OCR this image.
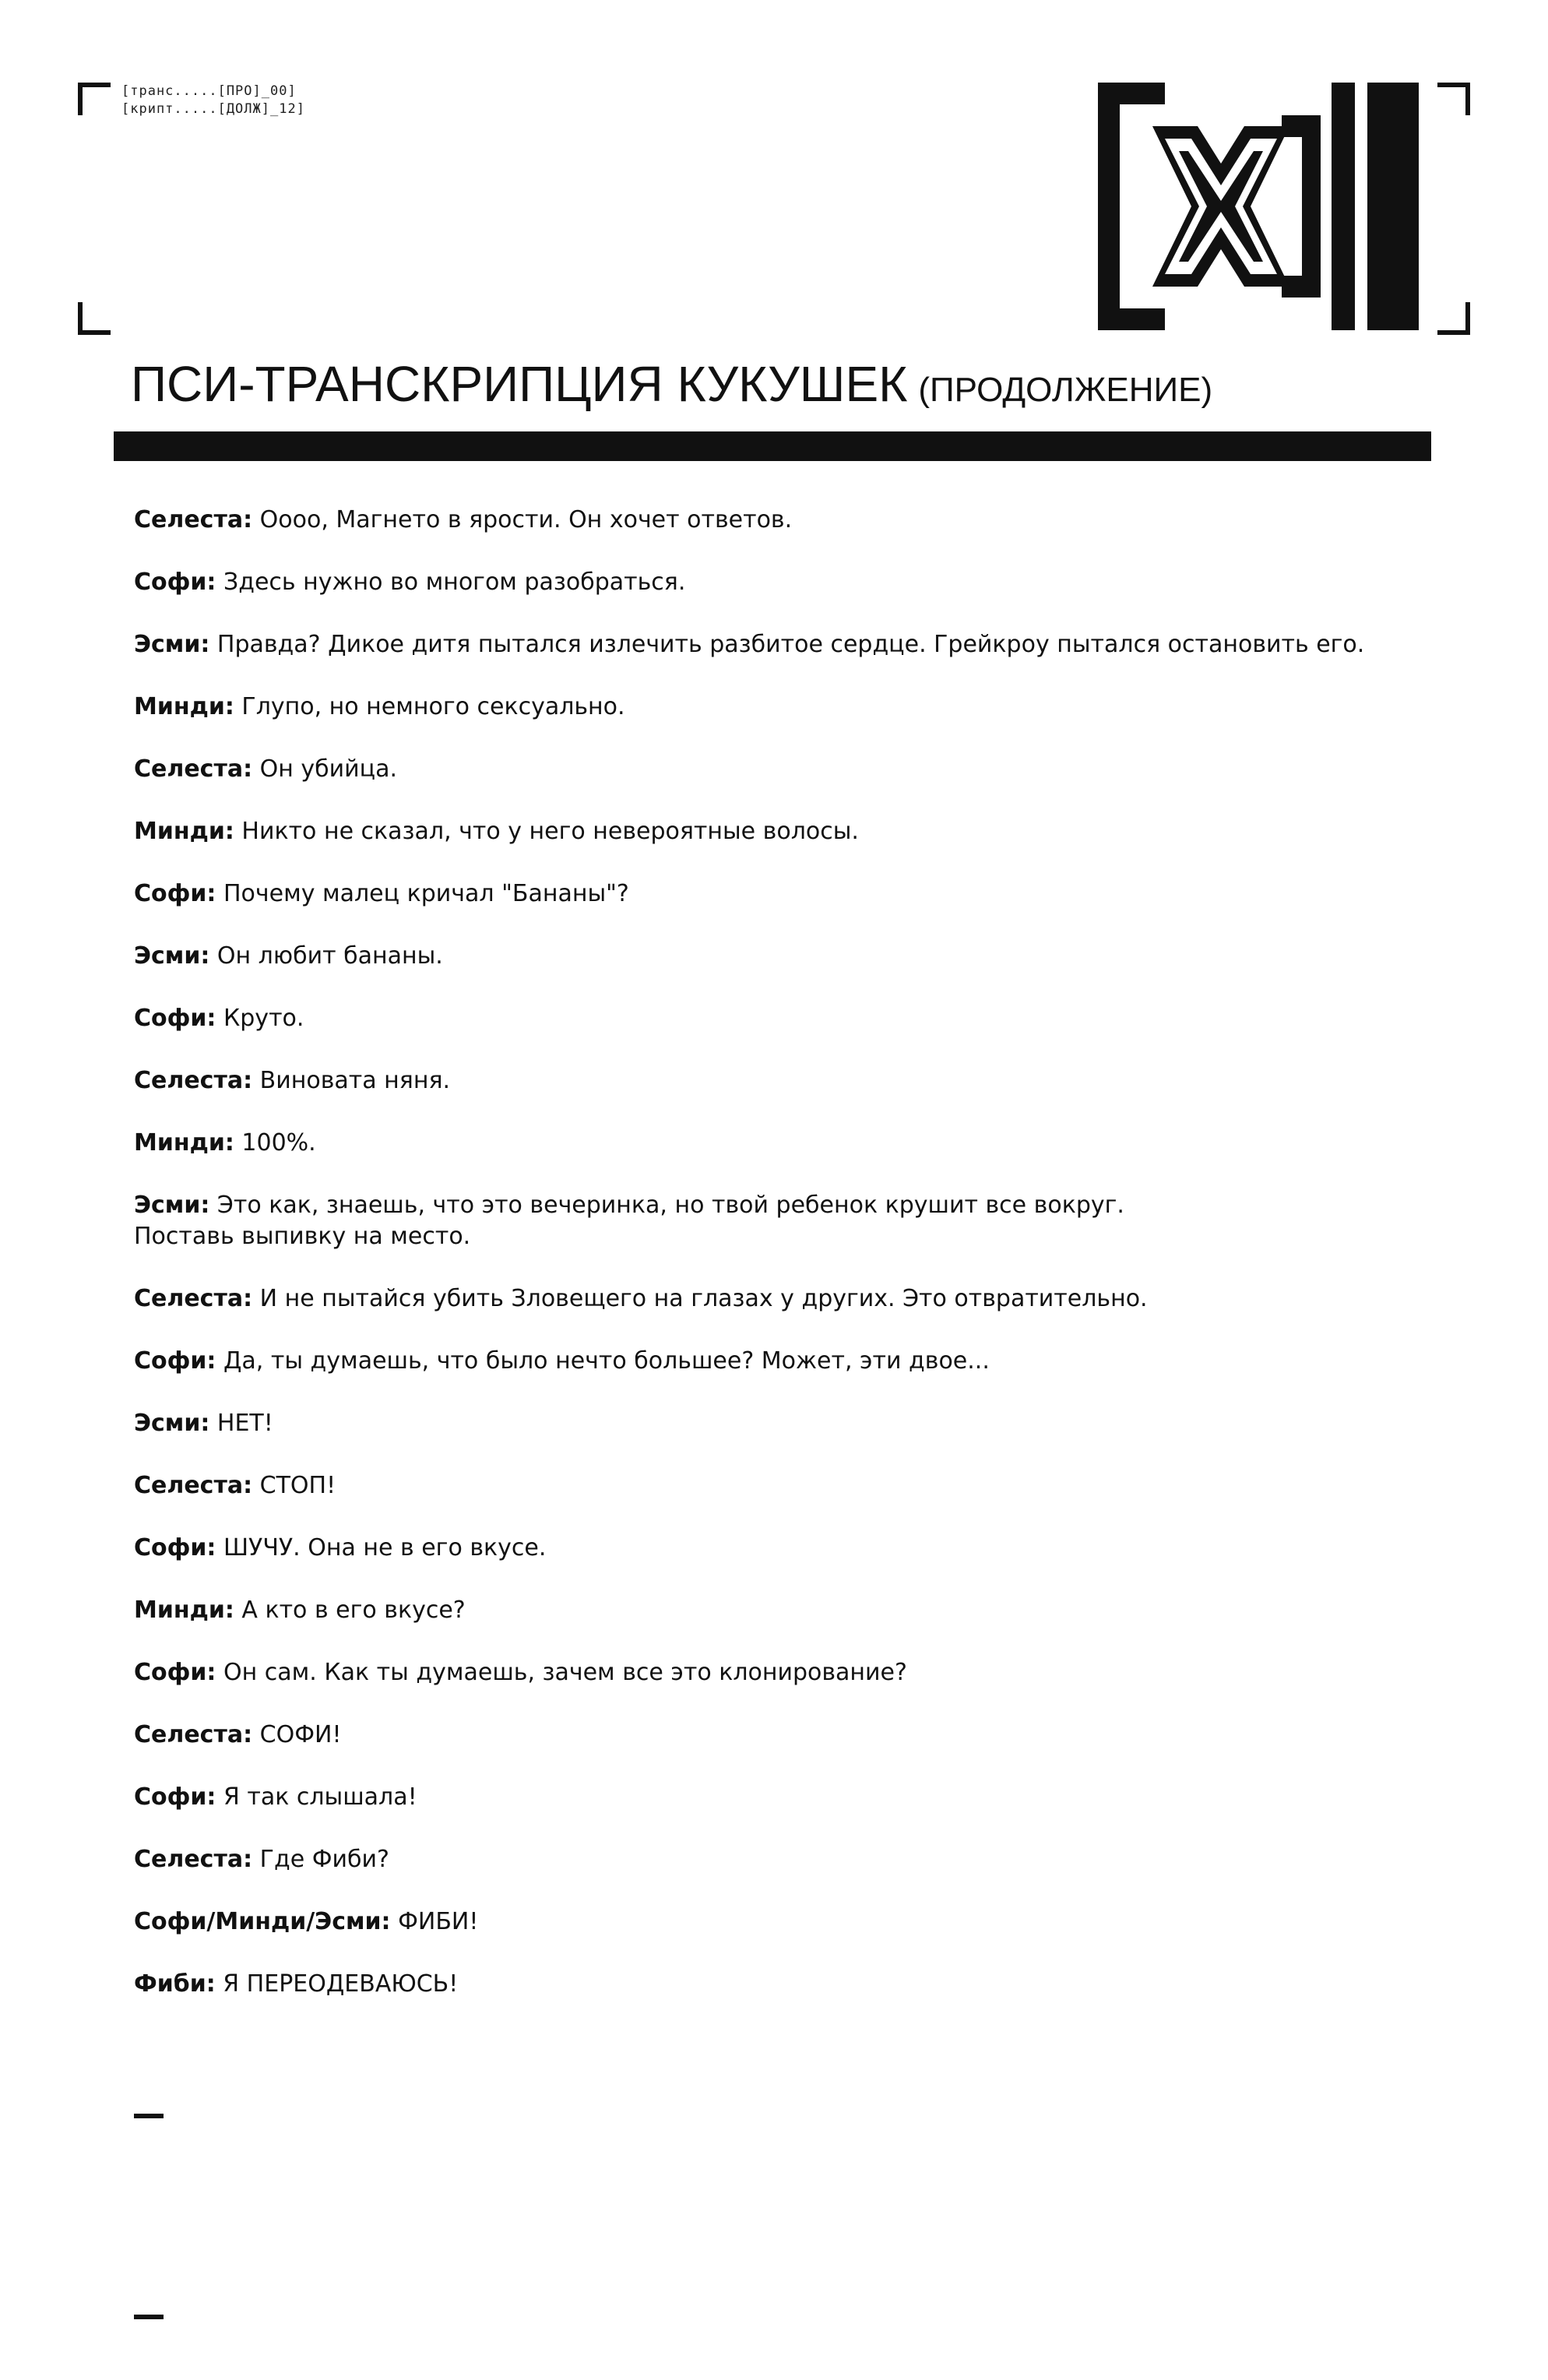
[транс.....[ПРО]_00]
[крипт.....[ДОЛЖ]_12]
ПСИ-ТРАНСКРИПЦИЯ КУКУШЕК (ПРОДОЛЖЕНИЕ)
Селеста: Оооо, Магнето в ярости. Он хочет ответов.
Софи: Здесь нужно во многом разобраться.
Эсми: Правда? Дикое дитя пытался излечить разбитое сердце. Грейкроу пытался остановить его.
Минди: Глупо, но немного сексуально.
Селеста: Он убийца.
Минди: Никто не сказал, что у него невероятные волосы.
Софи: Почему малец кричал "Бананы"?
Эсми: Он любит бананы.
Софи: Круто.
Селеста: Виновата няня.
Минди: 100%.
Эсми: Это как, знаешь, что это вечеринка, но твой ребенок крушит все вокруг.
Поставь выпивку на место.
Селеста: И не пытайся убить Зловещего на глазах у других. Это отвратительно.
Софи: Да, ты думаешь, что было нечто большее? Может, эти двое...
Эсми: НЕТ!
Селеста: СТОП!
Софи: ШУЧУ. Она не в его вкусе.
Минди: А кто в его вкусе?
Софи: Он сам. Как ты думаешь, зачем все это клонирование?
Селеста: СОФИ!
Софи: Я так слышала!
Селеста: Где Фиби?
Софи/Минди/Эсми: ФИБИ!
Фиби: Я ПЕРЕОДЕВАЮСЬ!
